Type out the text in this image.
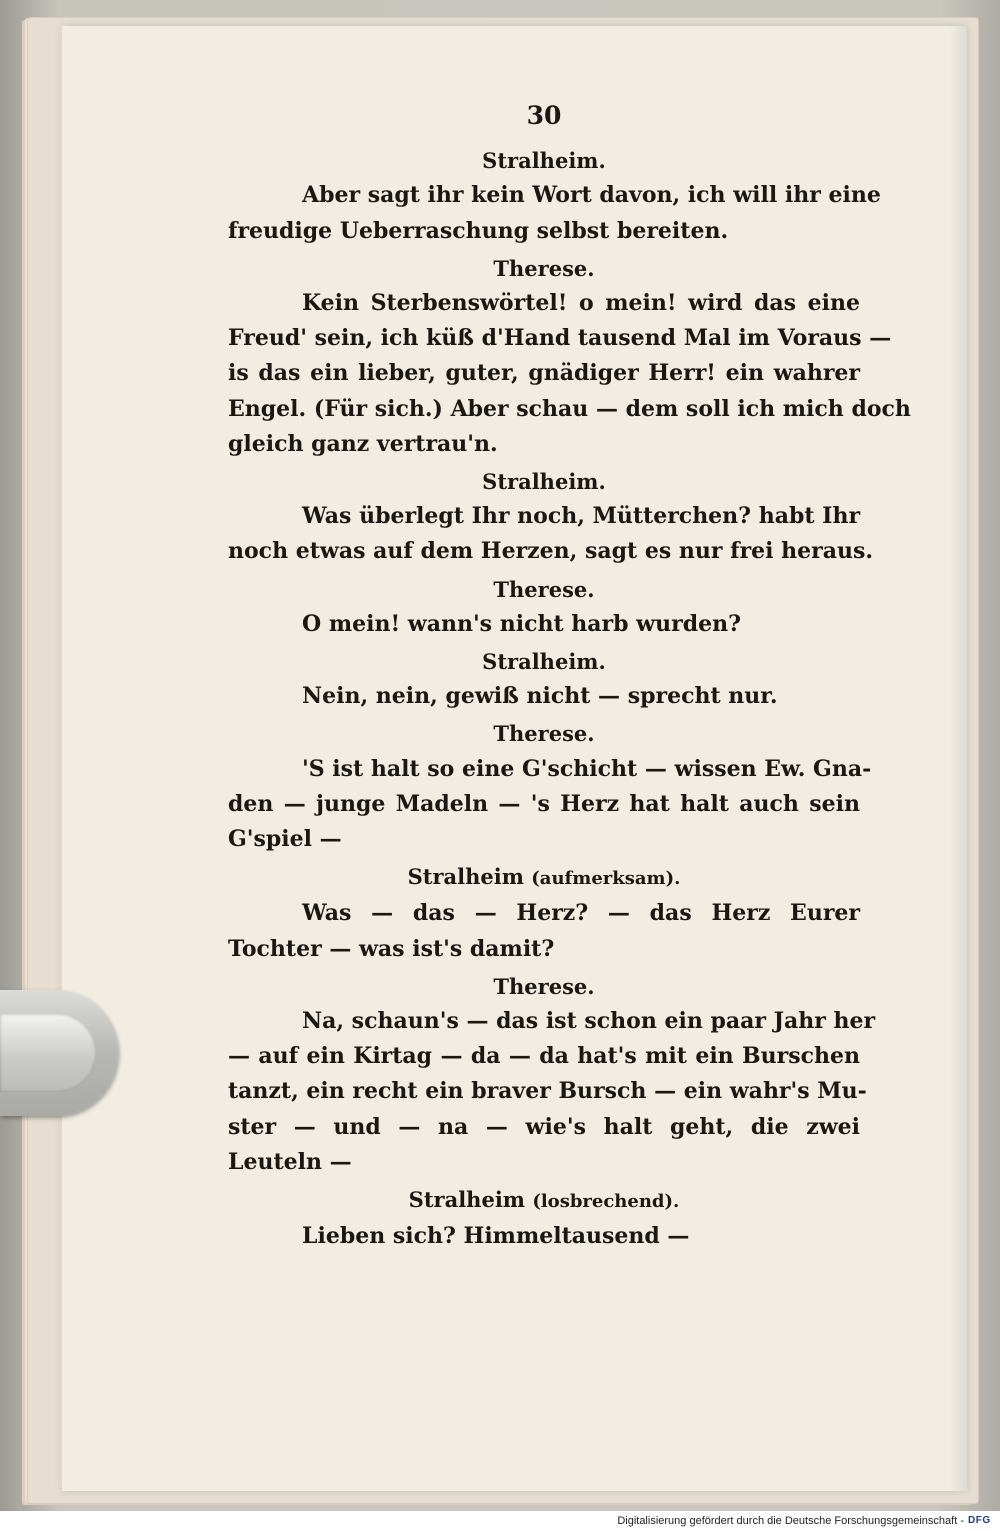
30
Stralheim.
Aber sagt ihr kein Wort davon, ich will ihr eine
freudige Ueberraschung selbst bereiten.
Therese.
Kein Sterbenswörtel! o mein! wird das eine
Freud' sein, ich küß d'Hand tausend Mal im Voraus —
is das ein lieber, guter, gnädiger Herr! ein wahrer
Engel. (Für sich.) Aber schau — dem soll ich mich doch
gleich ganz vertrau'n.
Stralheim.
Was überlegt Ihr noch, Mütterchen? habt Ihr
noch etwas auf dem Herzen, sagt es nur frei heraus.
Therese.
O mein! wann's nicht harb wurden?
Stralheim.
Nein, nein, gewiß nicht — sprecht nur.
Therese.
'S ist halt so eine G'schicht — wissen Ew. Gna-
den — junge Madeln — 's Herz hat halt auch sein
G'spiel —
Stralheim (aufmerksam).
Was — das — Herz? — das Herz Eurer
Tochter — was ist's damit?
Therese.
Na, schaun's — das ist schon ein paar Jahr her
— auf ein Kirtag — da — da hat's mit ein Burschen
tanzt, ein recht ein braver Bursch — ein wahr's Mu-
ster — und — na — wie's halt geht, die zwei
Leuteln —
Stralheim (losbrechend).
Lieben sich? Himmeltausend —
Digitalisierung gefördert durch die Deutsche Forschungsgemeinschaft - DFG
